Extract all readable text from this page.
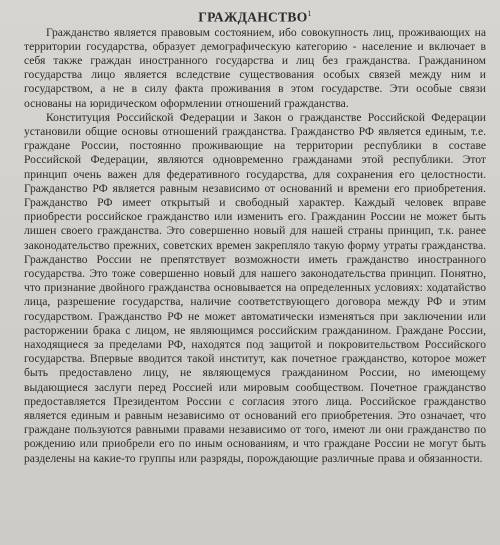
ГРАЖДАНСТВО$^1$

Гражданство является правовым состоянием, ибо совокупность лиц, проживающих на территории государства, образует демографическую категорию - население и включает в себя также граждан иностранного государства и лиц без гражданства. Гражданином государства лицо является вследствие существования особых связей между ним и государством, а не в силу факта проживания в этом государстве. Эти особые связи основаны на юридическом оформлении отношений гражданства.

Конституция Российской Федерации и Закон о гражданстве Российской Федерации установили общие основы отношений гражданства. Гражданство РФ является единым, т.е. граждане России, постоянно проживающие на территории республики в составе Российской Федерации, являются одновременно гражданами этой республики. Этот принцип очень важен для федеративного государства, для сохранения его целостности. Гражданство РФ является равным независимо от оснований и времени его приобретения. Гражданство РФ имеет открытый и свободный характер. Каждый человек вправе приобрести российское гражданство или изменить его. Гражданин России не может быть лишен своего гражданства. Это совершенно новый для нашей страны принцип, т.к. ранее законодательство прежних, советских времен закрепляло такую форму утраты гражданства. Гражданство России не препятствует возможности иметь гражданство иностранного государства. Это тоже совершенно новый для нашего законодательства принцип. Понятно, что признание двойного гражданства основывается на определенных условиях: ходатайство лица, разрешение государства, наличие соответствующего договора между РФ и этим государством. Гражданство РФ не может автоматически изменяться при заключении или расторжении брака с лицом, не являющимся российским гражданином. Граждане России, находящиеся за пределами РФ, находятся под защитой и покровительством Российского государства. Впервые вводится такой институт, как почетное гражданство, которое может быть предоставлено лицу, не являющемуся гражданином России, но имеющему выдающиеся заслуги перед Россией или мировым сообществом. Почетное гражданство предоставляется Президентом России с согласия этого лица. Российское гражданство является единым и равным независимо от оснований его приобретения. Это означает, что граждане пользуются равными правами независимо от того, имеют ли они гражданство по рождению или приобрели его по иным основаниям, и что граждане России не могут быть разделены на какие-то группы или разряды, порождающие различные права и обязанности.
